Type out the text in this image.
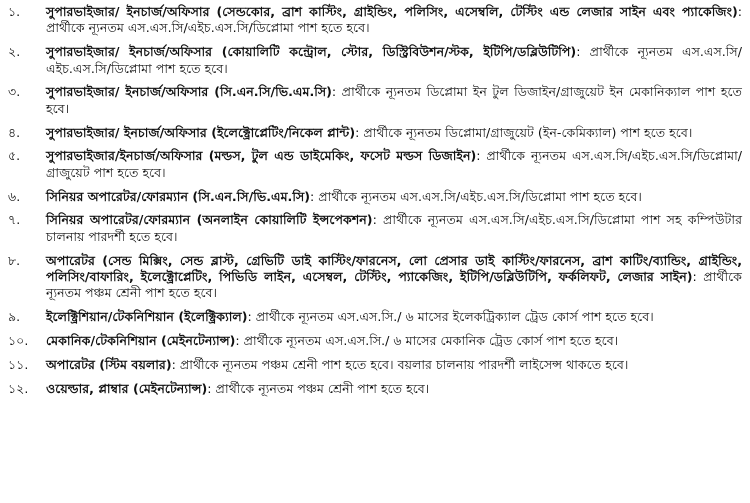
১.	সুপারভাইজার/ ইনচার্জ/অফিসার (সেন্ডকোর, ব্রাশ কাস্টিং, গ্রাইন্ডিং, পলিসিং, এসেম্বলি, টেস্টিং এন্ড লেজার সাইন এবং প্যাকেজিং): প্রার্থীকে ন্যূনতম এস.এস.সি/এইচ.এস.সি/ডিপ্লোমা পাশ হতে হবে।
২.	সুপারভাইজার/ ইনচার্জ/অফিসার (কোয়ালিটি কন্ট্রোল, স্টোর, ডিস্ট্রিবিউশন/স্টক, ইটিপি/ডব্লিউটিপি): প্রার্থীকে ন্যূনতম এস.এস.সি/এইচ.এস.সি/ডিপ্লোমা পাশ হতে হবে।
৩.	সুপারভাইজার/ ইনচার্জ/অফিসার (সি.এন.সি/ভি.এম.সি): প্রার্থীকে ন্যূনতম ডিপ্লোমা ইন টুল ডিজাইন/গ্রাজুয়েট ইন মেকানিক্যাল পাশ হতে হবে।
৪.	সুপারভাইজার/ ইনচার্জ/অফিসার (ইলেক্ট্রোপ্লেটিং/নিকেল প্লান্ট): প্রার্থীকে ন্যূনতম ডিপ্লোমা/গ্রাজুয়েট (ইন-কেমিক্যাল) পাশ হতে হবে।
৫.	সুপারভাইজার/ইনচার্জ/অফিসার (মল্ডস, টুল এন্ড ডাইমেকিং, ফসেট মল্ডস ডিজাইন): প্রার্থীকে ন্যূনতম এস.এস.সি/এইচ.এস.সি/ডিপ্লোমা/ গ্রাজুয়েট পাশ হতে হবে।
৬.	সিনিয়র অপারেটর/ফোরম্যান (সি.এন.সি/ভি.এম.সি): প্রার্থীকে ন্যূনতম এস.এস.সি/এইচ.এস.সি/ডিপ্লোমা পাশ হতে হবে।
৭.	সিনিয়র অপারেটর/ফোরম্যান (অনলাইন কোয়ালিটি ইন্সপেকশন): প্রার্থীকে ন্যূনতম এস.এস.সি/এইচ.এস.সি/ডিপ্লোমা পাশ সহ কম্পিউটার চালনায় পারদর্শী হতে হবে।
৮.	অপারেটর (সেন্ড মিক্সিং, সেন্ড ব্লাস্ট, গ্রেভিটি ডাই কাস্টিং/ফারনেস, লো প্রেসার ডাই কাস্টিং/ফারনেস, ব্রাশ কাটিং/ব্যান্ডিং, গ্রাইন্ডিং, পলিসিং/বাফারিং, ইলেক্ট্রোপ্লেটিং, পিভিডি লাইন, এসেম্বল, টেস্টিং, প্যাকেজিং, ইটিপি/ডব্লিউটিপি, ফর্কলিফট, লেজার সাইন): প্রার্থীকে ন্যূনতম পঞ্চম শ্রেনী পাশ হতে হবে।
৯.	ইলেক্ট্রিশিয়ান/টেকনিশিয়ান (ইলেক্ট্রিক্যাল): প্রার্থীকে ন্যূনতম এস.এস.সি./ ৬ মাসের ইলেকট্রিক্যাল ট্রেড কোর্স পাশ হতে হবে।
১০.	মেকানিক/টেকনিশিয়ান (মেইনটেন্যান্স): প্রার্থীকে ন্যূনতম এস.এস.সি./ ৬ মাসের মেকানিক ট্রেড কোর্স পাশ হতে হবে।
১১.	অপারেটর (স্টিম বয়লার): প্রার্থীকে ন্যূনতম পঞ্চম শ্রেনী পাশ হতে হবে। বয়লার চালনায় পারদর্শী লাইসেন্স থাকতে হবে।
১২.	ওয়েল্ডার, প্লাম্বার (মেইনটেন্যান্স): প্রার্থীকে ন্যূনতম পঞ্চম শ্রেনী পাশ হতে হবে।
